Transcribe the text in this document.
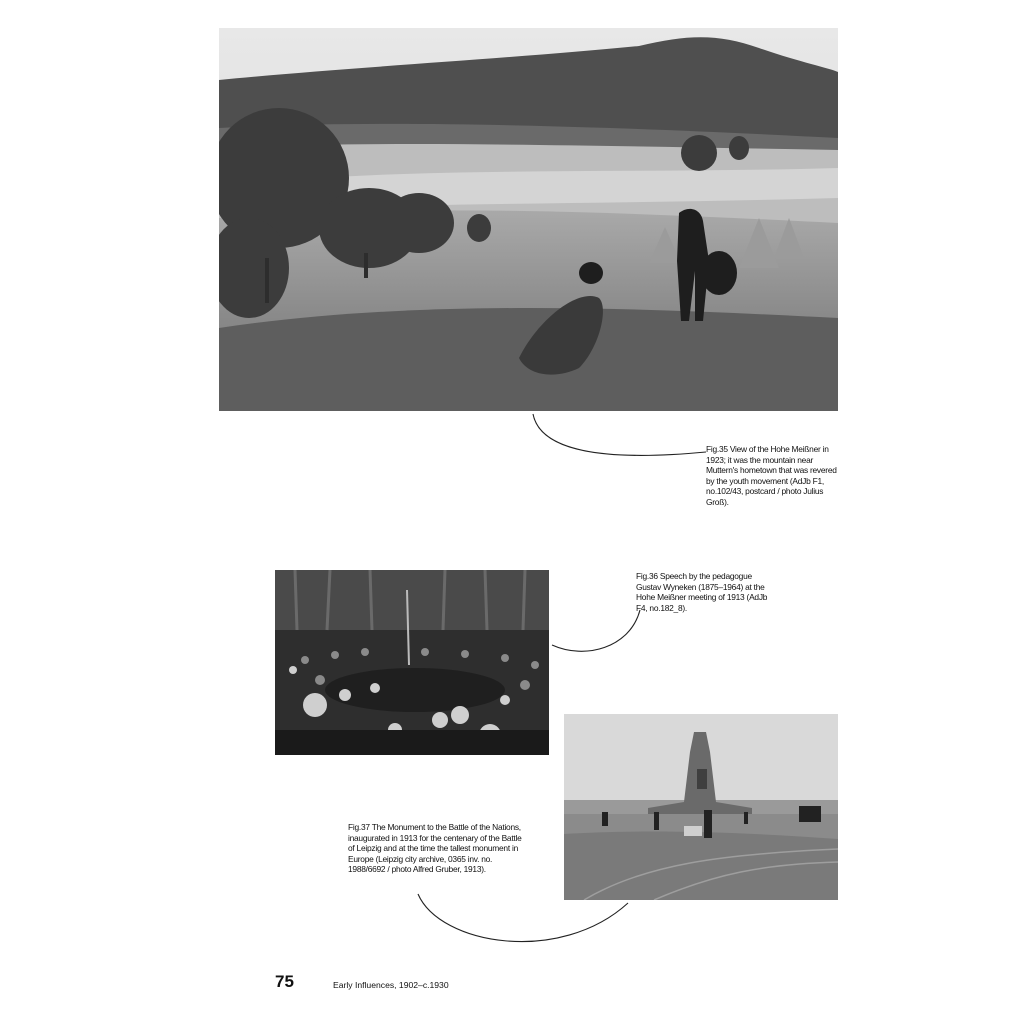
Fig.35 View of the Hohe Meißner in 1923; it was the mountain near Muttern's hometown that was revered by the youth movement (AdJb F1, no.102/43, postcard / photo Julius Groß).
Fig.36 Speech by the pedagogue Gustav Wyneken (1875–1964) at the Hohe Meißner meeting of 1913 (AdJb F4, no.182_8).
Fig.37 The Monument to the Battle of the Nations, inaugurated in 1913 for the centenary of the Battle of Leipzig and at the time the tallest monument in Europe (Leipzig city archive, 0365 inv. no. 1988/6692 / photo Alfred Gruber, 1913).
75	Early Influences, 1902–c.1930
